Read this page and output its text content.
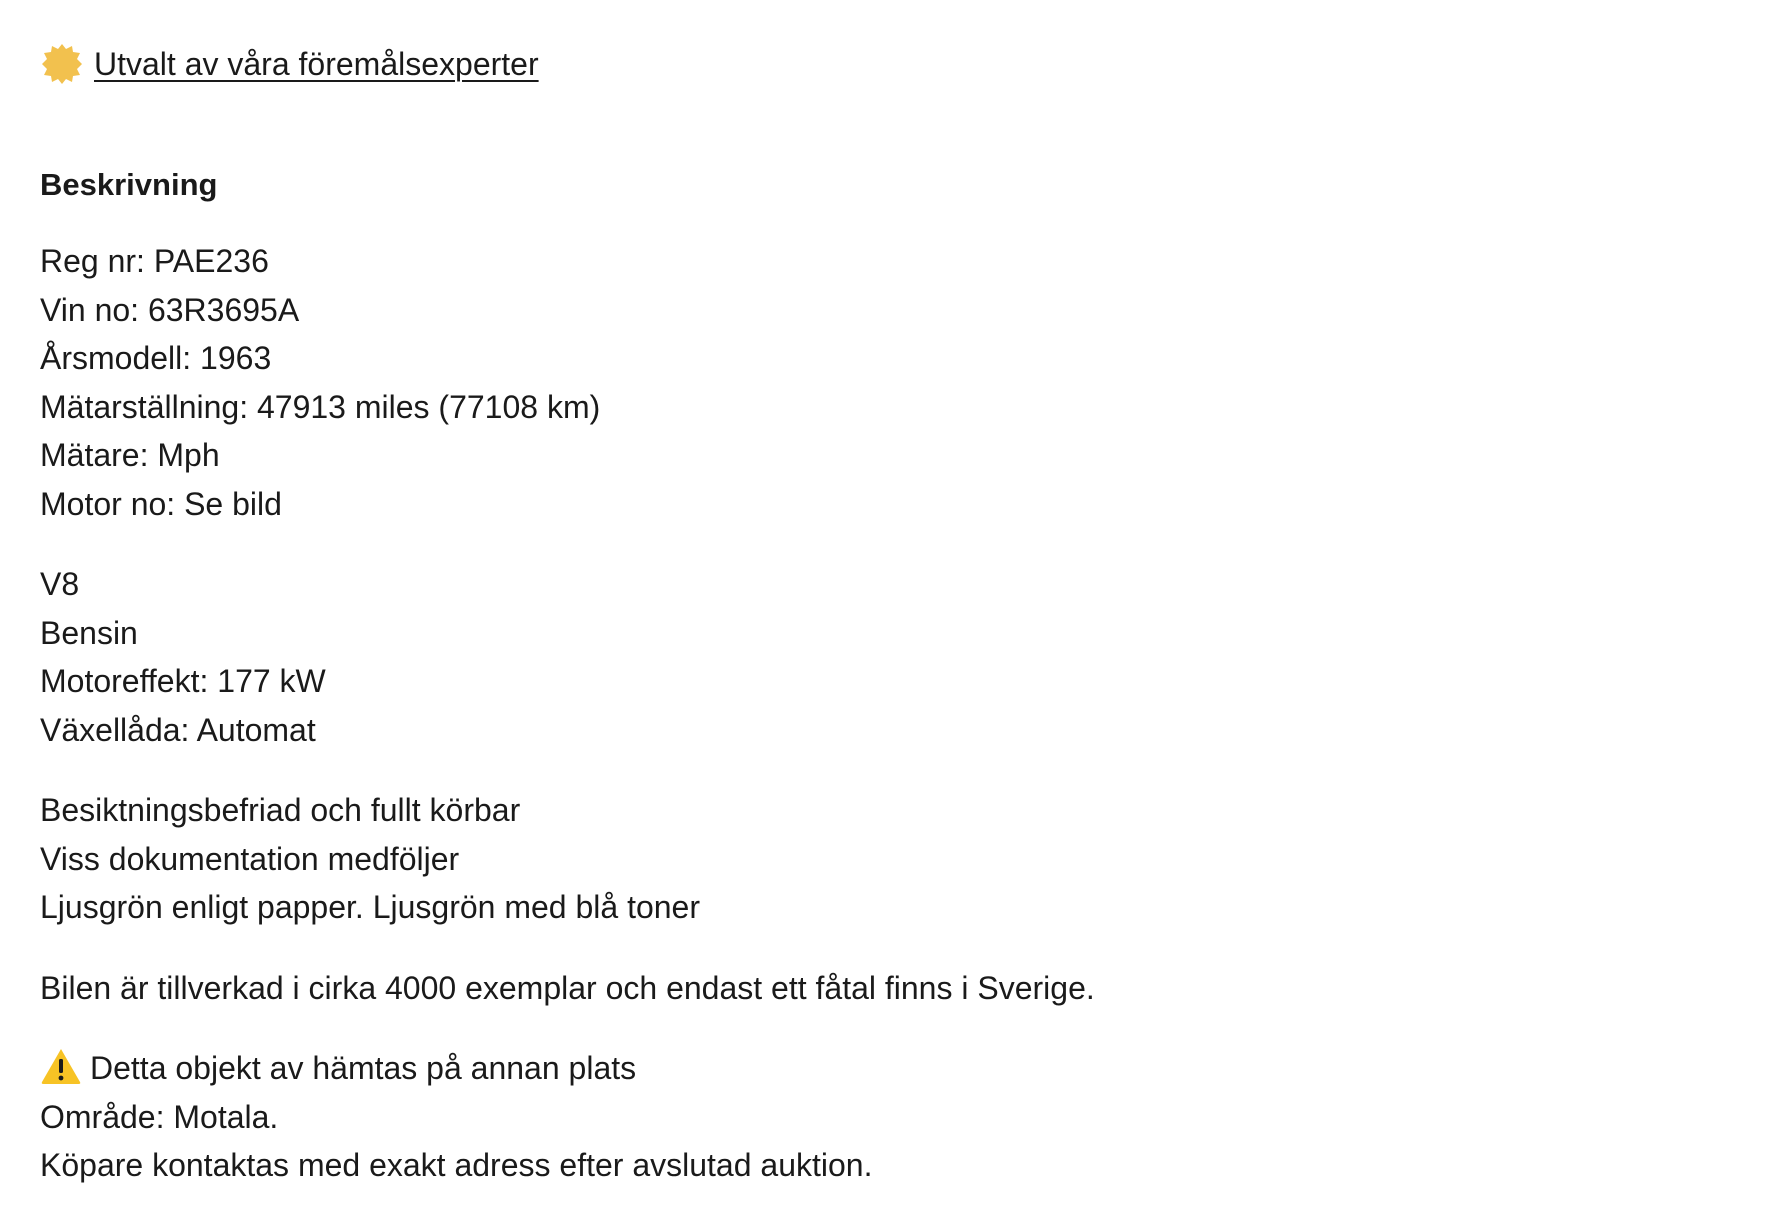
Utvalt av våra föremålsexperter
Beskrivning
Reg nr: PAE236
Vin no: 63R3695A
Årsmodell: 1963
Mätarställning: 47913 miles (77108 km)
Mätare: Mph
Motor no: Se bild
V8
Bensin
Motoreffekt: 177 kW
Växellåda: Automat
Besiktningsbefriad och fullt körbar
Viss dokumentation medföljer
Ljusgrön enligt papper. Ljusgrön med blå toner
Bilen är tillverkad i cirka 4000 exemplar och endast ett fåtal finns i Sverige.
Detta objekt av hämtas på annan plats
Område: Motala.
Köpare kontaktas med exakt adress efter avslutad auktion.
